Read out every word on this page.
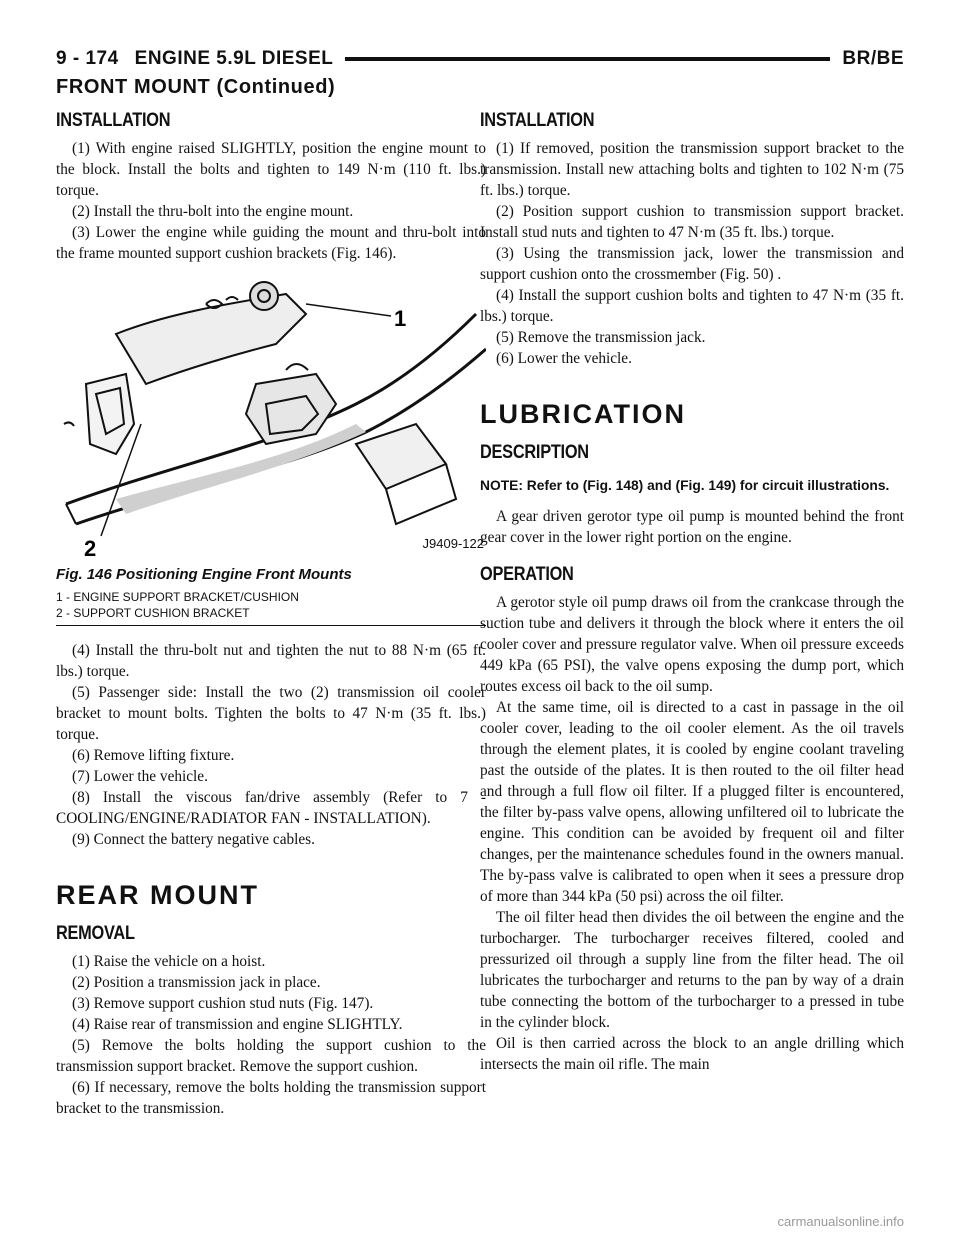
9 - 174 ENGINE 5.9L DIESEL	BR/BE
FRONT MOUNT (Continued)
INSTALLATION

(1) With engine raised SLIGHTLY, position the engine mount to the block. Install the bolts and tighten to 149 N·m (110 ft. lbs.) torque.

(2) Install the thru-bolt into the engine mount.

(3) Lower the engine while guiding the mount and thru-bolt into the frame mounted support cushion brackets (Fig. 146).

1
2	J9409-122
Fig. 146 Positioning Engine Front Mounts
1 - ENGINE SUPPORT BRACKET/CUSHION
2 - SUPPORT CUSHION BRACKET

(4) Install the thru-bolt nut and tighten the nut to 88 N·m (65 ft. lbs.) torque.

(5) Passenger side: Install the two (2) transmission oil cooler bracket to mount bolts. Tighten the bolts to 47 N·m (35 ft. lbs.) torque.

(6) Remove lifting fixture.

(7) Lower the vehicle.

(8) Install the viscous fan/drive assembly (Refer to 7 - COOLING/ENGINE/RADIATOR FAN - INSTALLATION).

(9) Connect the battery negative cables.

REAR MOUNT
REMOVAL

(1) Raise the vehicle on a hoist.

(2) Position a transmission jack in place.

(3) Remove support cushion stud nuts (Fig. 147).

(4) Raise rear of transmission and engine SLIGHTLY.

(5) Remove the bolts holding the support cushion to the transmission support bracket. Remove the support cushion.

(6) If necessary, remove the bolts holding the transmission support bracket to the transmission.

INSTALLATION

(1) If removed, position the transmission support bracket to the transmission. Install new attaching bolts and tighten to 102 N·m (75 ft. lbs.) torque.

(2) Position support cushion to transmission support bracket. Install stud nuts and tighten to 47 N·m (35 ft. lbs.) torque.

(3) Using the transmission jack, lower the transmission and support cushion onto the crossmember (Fig. 50) .

(4) Install the support cushion bolts and tighten to 47 N·m (35 ft. lbs.) torque.

(5) Remove the transmission jack.

(6) Lower the vehicle.

LUBRICATION
DESCRIPTION

NOTE: Refer to (Fig. 148) and (Fig. 149) for circuit illustrations.

A gear driven gerotor type oil pump is mounted behind the front gear cover in the lower right portion on the engine.

OPERATION

A gerotor style oil pump draws oil from the crankcase through the suction tube and delivers it through the block where it enters the oil cooler cover and pressure regulator valve. When oil pressure exceeds 449 kPa (65 PSI), the valve opens exposing the dump port, which routes excess oil back to the oil sump.

At the same time, oil is directed to a cast in passage in the oil cooler cover, leading to the oil cooler element. As the oil travels through the element plates, it is cooled by engine coolant traveling past the outside of the plates. It is then routed to the oil filter head and through a full flow oil filter. If a plugged filter is encountered, the filter by-pass valve opens, allowing unfiltered oil to lubricate the engine. This condition can be avoided by frequent oil and filter changes, per the maintenance schedules found in the owners manual. The by-pass valve is calibrated to open when it sees a pressure drop of more than 344 kPa (50 psi) across the oil filter.

The oil filter head then divides the oil between the engine and the turbocharger. The turbocharger receives filtered, cooled and pressurized oil through a supply line from the filter head. The oil lubricates the turbocharger and returns to the pan by way of a drain tube connecting the bottom of the turbocharger to a pressed in tube in the cylinder block.

Oil is then carried across the block to an angle drilling which intersects the main oil rifle. The main

carmanualsonline.info
